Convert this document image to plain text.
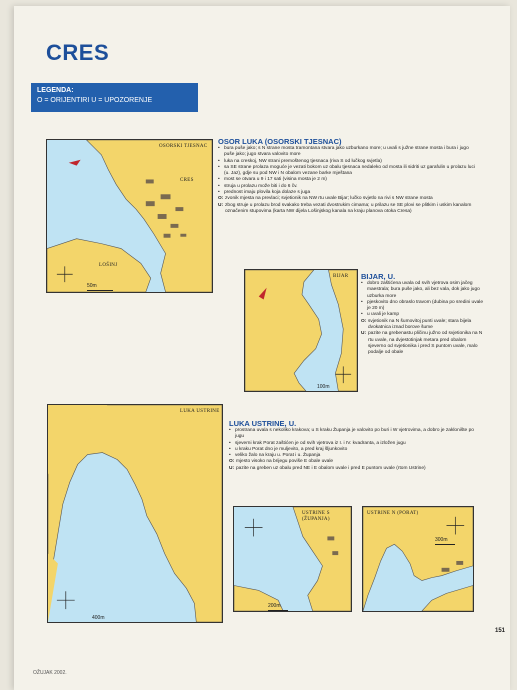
CRES
LEGENDA:
O = ORIJENTIRI U = UPOZORENJE
OSORSKI TJESNAC
LOŠINJ
CRES
50m
OSOR LUKA (OSORSKI TJESNAC)
• bura puše jako; s N strane mosta tramontana stvara jako uzburkano more; u uvali s južne strane mosta i bura i jugo puše jako; jugo stvara valovito more
• luka na creskoj, NW strani premoštenog tjesnaca (riva S od lučkog svjetla)
• sa SE strane prolaza moguće je vezati bokom uz obalu tjesnaca nedaleko od mosta ili sidriti uz garafulin u prolazu luci (u. Jaz), gdje su pod NW i N obalom vezane barke mještana
• most se otvara u 9 i 17 sati (visina mosta je 2 m)
• struja u prolazu može biti i do 6 čv.
• prednost imaju plovila koja dolaze s juga
O: zvonik mjesta na prevlaci; svjetionik na NW rtu uvale Bijar; lučko svjetlo na rivi s NW strane mosta
U: zbog struje u prolazu brod svakako treba vezati dvostrukim cimama; u prilazu se SE plovi se plitkim i uskim kanalom označenim stupovima (karta NW dijela Lošinjskog kanala na kraju planova otoka Cresa)
BIJAR
100m
BIJAR, U.
• dobro zaštićena uvala od svih vjetrova osim jačeg maestrala; bura puše jako, ali bez vala, dok jako jugo uzburka more
• pjeskovito dno obraslo travom (dubina po sredini uvale je 20 m)
• u uvali je kamp
O: svjetionik na N šumovitoj punti uvale; stara bijela dvokatnica iznad borove šume
U: pazite na grebenastu pličinu južno od svjetionika na N rtu uvale, na dvjestotinjak metara pred obalom sjeverno od svjetionika i pred S puntom uvale, malo podalje od obale
LUKA USTRINE
400m
LUKA USTRINE, U.
• prostrana uvala s nekoliko krakova; u S kraku Županja je valovito po buri i W vjetrovima, a dobro je zaklonište po jugu
• sjeverni krak Porat zaštićen je od svih vjetrova iz I. i IV. kvadranta, a izložen jugu
• u kraku Porat dno je muljevito, a pred kraj šljunkovito
• veliko žalo na kraju u. Porat i u. Županja
O: mjesto visoko na brijegu povišе E obale uvale
U: pazite na greben uz obalu pred NE i E obalom uvale i pred E puntom uvale (rtom Ustrine)
USTRINE S (ŽUPANJA)
200m
USTRINE N (PORAT)
300m
151
OŽUJAK 2002.
